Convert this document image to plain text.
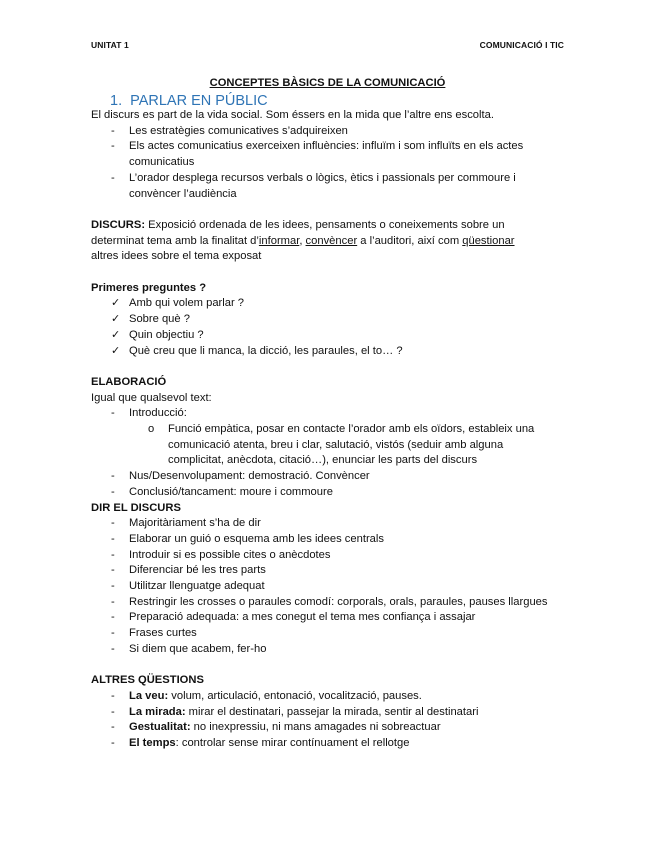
UNITAT 1	COMUNICACIÓ I TIC
CONCEPTES BÀSICS DE LA COMUNICACIÓ
1. PARLAR EN PÚBLIC
El discurs es part de la vida social. Som éssers en la mida que l’altre ens escolta.
- Les estratègies comunicatives s’adquireixen
- Els actes comunicatius exerceixen influències: influïm i som influïts en els actes
comunicatius
- L’orador desplega recursos verbals o lògics, ètics i passionals per commoure i
convèncer l’audiència
DISCURS: Exposició ordenada de les idees, pensaments o coneixements sobre un
determinat tema amb la finalitat d’informar, convèncer a l’auditori, així com qüestionar
altres idees sobre el tema exposat
Primeres preguntes ?
✓ Amb qui volem parlar ?
✓ Sobre què ?
✓ Quin objectiu ?
✓ Què creu que li manca, la dicció, les paraules, el to… ?
ELABORACIÓ
Igual que qualsevol text:
- Introducció:
o Funció empàtica, posar en contacte l’orador amb els oïdors, estableix una
comunicació atenta, breu i clar, salutació, vistós (seduir amb alguna
complicitat, anècdota, citació…), enunciar les parts del discurs
- Nus/Desenvolupament: demostració. Convèncer
- Conclusió/tancament: moure i commoure
DIR EL DISCURS
- Majoritàriament s’ha de dir
- Elaborar un guió o esquema amb les idees centrals
- Introduir si es possible cites o anècdotes
- Diferenciar bé les tres parts
- Utilitzar llenguatge adequat
- Restringir les crosses o paraules comodí: corporals, orals, paraules, pauses llargues
- Preparació adequada: a mes conegut el tema mes confiança i assajar
- Frases curtes
- Si diem que acabem, fer-ho
ALTRES QÜESTIONS
- La veu: volum, articulació, entonació, vocalització, pauses.
- La mirada: mirar el destinatari, passejar la mirada, sentir al destinatari
- Gestualitat: no inexpressiu, ni mans amagades ni sobreactuar
- El temps: controlar sense mirar contínuament el rellotge
